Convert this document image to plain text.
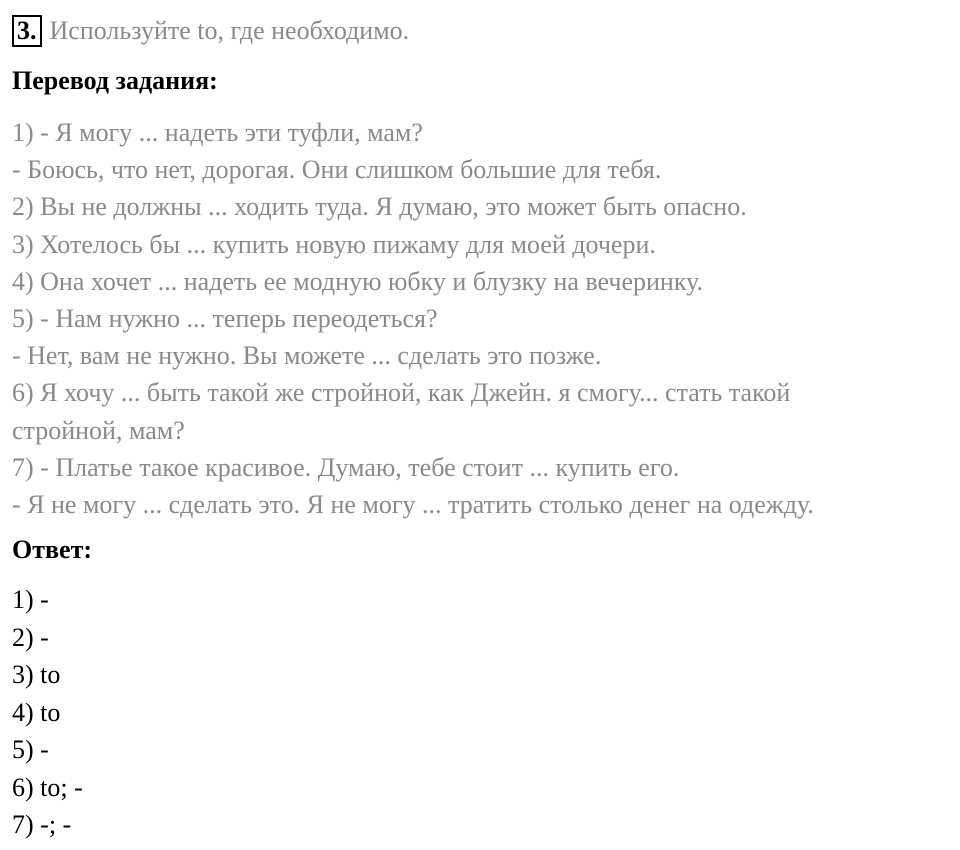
3. Используйте to, где необходимо.
Перевод задания:
1) - Я могу ... надеть эти туфли, мам?
- Боюсь, что нет, дорогая. Они слишком большие для тебя.
2) Вы не должны ... ходить туда. Я думаю, это может быть опасно.
3) Хотелось бы ... купить новую пижаму для моей дочери.
4) Она хочет ... надеть ее модную юбку и блузку на вечеринку.
5) - Нам нужно ... теперь переодеться?
- Нет, вам не нужно. Вы можете ... сделать это позже.
6) Я хочу ... быть такой же стройной, как Джейн. я смогу... стать такой
стройной, мам?
7) - Платье такое красивое. Думаю, тебе стоит ... купить его.
- Я не могу ... сделать это. Я не могу ... тратить столько денег на одежду.
Ответ:
1) -
2) -
3) to
4) to
5) -
6) to; -
7) -; -
